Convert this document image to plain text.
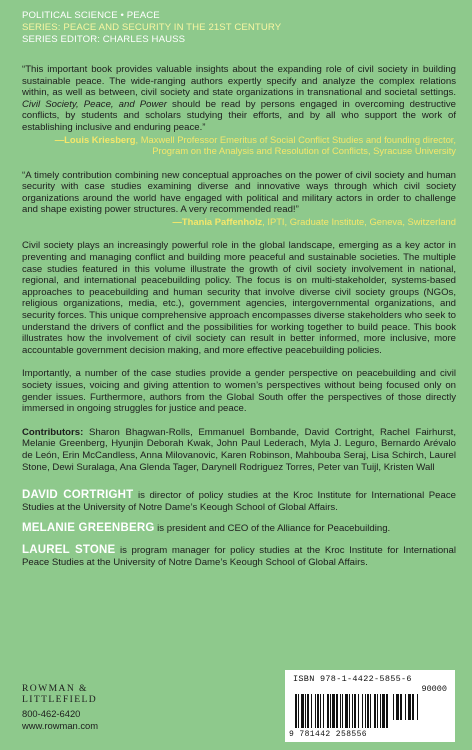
POLITICAL SCIENCE • PEACE
SERIES: PEACE AND SECURITY IN THE 21ST CENTURY
SERIES EDITOR: CHARLES HAUSS

“This important book provides valuable insights about the expanding role of civil society in building sustainable peace. The wide-ranging authors expertly specify and analyze the complex relations within, as well as between, civil society and state organizations in transnational and societal settings. Civil Society, Peace, and Power should be read by persons engaged in overcoming destructive conflicts, by students and scholars studying their efforts, and by all who support the work of establishing inclusive and enduring peace.”

—Louis Kriesberg, Maxwell Professor Emeritus of Social Conflict Studies and founding director, Program on the Analysis and Resolution of Conflicts, Syracuse University

“A timely contribution combining new conceptual approaches on the power of civil society and human security with case studies examining diverse and innovative ways through which civil society organizations around the world have engaged with political and military actors in order to challenge and shape existing power structures. A very recommended read!”

—Thania Paffenholz, IPTI, Graduate Institute, Geneva, Switzerland

Civil society plays an increasingly powerful role in the global landscape, emerging as a key actor in preventing and managing conflict and building more peaceful and sustainable societies. The multiple case studies featured in this volume illustrate the growth of civil society involvement in national, regional, and international peacebuilding policy. The focus is on multi-stakeholder, systems-based approaches to peacebuilding and human security that involve diverse civil society groups (NGOs, religious organizations, media, etc.), government agencies, intergovernmental organizations, and security forces. This unique comprehensive approach encompasses diverse stakeholders who seek to understand the drivers of conflict and the possibilities for working together to build peace. This book illustrates how the involvement of civil society can result in better informed, more inclusive, more accountable government decision making, and more effective peacebuilding policies.

Importantly, a number of the case studies provide a gender perspective on peacebuilding and civil society issues, voicing and giving attention to women’s perspectives without being focused only on gender issues. Furthermore, authors from the Global South offer the perspectives of those directly immersed in ongoing struggles for justice and peace.

Contributors: Sharon Bhagwan-Rolls, Emmanuel Bombande, David Cortright, Rachel Fairhurst, Melanie Greenberg, Hyunjin Deborah Kwak, John Paul Lederach, Myla J. Leguro, Bernardo Arévalo de León, Erin McCandless, Anna Milovanovic, Karen Robinson, Mahbouba Seraj, Lisa Schirch, Laurel Stone, Dewi Suralaga, Ana Glenda Tager, Darynell Rodriguez Torres, Peter van Tuijl, Kristen Wall

DAVID CORTRIGHT is director of policy studies at the Kroc Institute for International Peace Studies at the University of Notre Dame’s Keough School of Global Affairs.

MELANIE GREENBERG is president and CEO of the Alliance for Peacebuilding.

LAUREL STONE is program manager for policy studies at the Kroc Institute for International Peace Studies at the University of Notre Dame’s Keough School of Global Affairs.

ROWMAN &
LITTLEFIELD
800-462-6420
www.rowman.com
ISBN 978-1-4422-5855-6
90000
9 781442 258556
